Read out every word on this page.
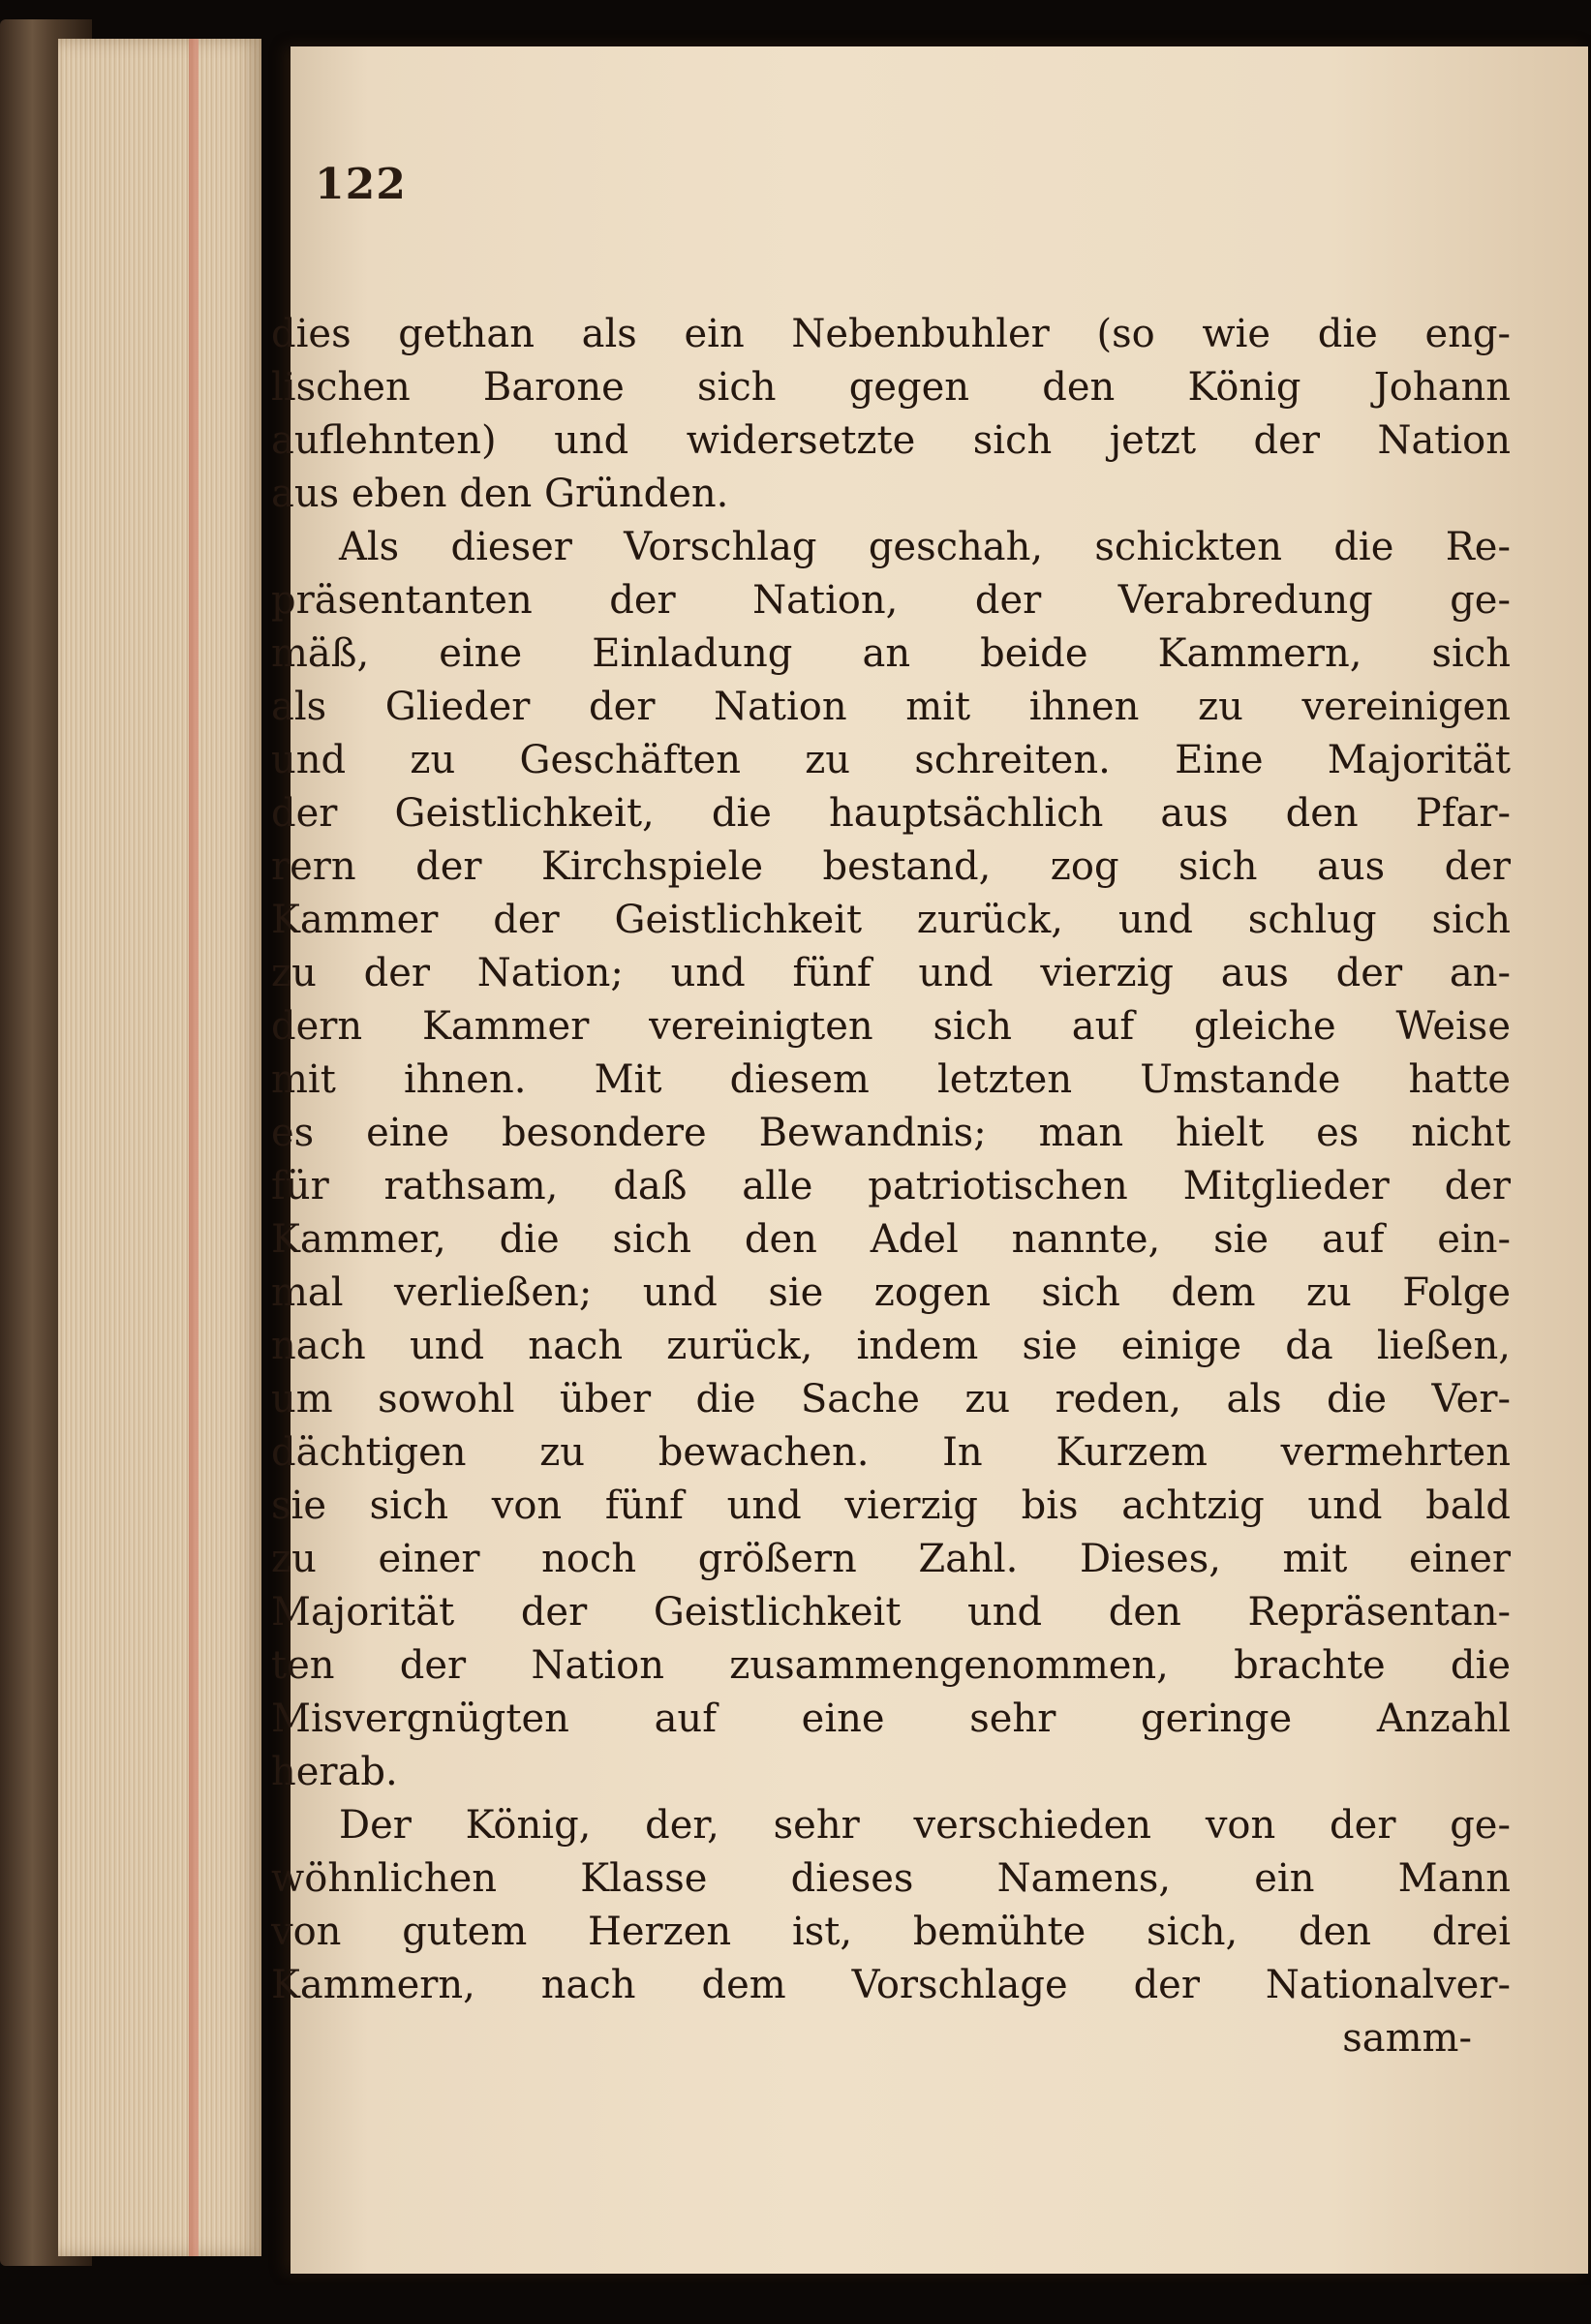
122
dies gethan als ein Nebenbuhler (so wie die eng-
lischen Barone sich gegen den König Johann
auflehnten) und widersetzte sich jetzt der Nation
aus eben den Gründen.
Als dieser Vorschlag geschah, schickten die Re-
präsentanten der Nation, der Verabredung ge-
mäß, eine Einladung an beide Kammern, sich
als Glieder der Nation mit ihnen zu vereinigen
und zu Geschäften zu schreiten. Eine Majorität
der Geistlichkeit, die hauptsächlich aus den Pfar-
rern der Kirchspiele bestand, zog sich aus der
Kammer der Geistlichkeit zurück, und schlug sich
zu der Nation; und fünf und vierzig aus der an-
dern Kammer vereinigten sich auf gleiche Weise
mit ihnen. Mit diesem letzten Umstande hatte
es eine besondere Bewandnis; man hielt es nicht
für rathsam, daß alle patriotischen Mitglieder der
Kammer, die sich den Adel nannte, sie auf ein-
mal verließen; und sie zogen sich dem zu Folge
nach und nach zurück, indem sie einige da ließen,
um sowohl über die Sache zu reden, als die Ver-
dächtigen zu bewachen. In Kurzem vermehrten
sie sich von fünf und vierzig bis achtzig und bald
zu einer noch größern Zahl. Dieses, mit einer
Majorität der Geistlichkeit und den Repräsentan-
ten der Nation zusammengenommen, brachte die
Misvergnügten auf eine sehr geringe Anzahl
herab.
Der König, der, sehr verschieden von der ge-
wöhnlichen Klasse dieses Namens, ein Mann
von gutem Herzen ist, bemühte sich, den drei
Kammern, nach dem Vorschlage der Nationalver-
samm-
